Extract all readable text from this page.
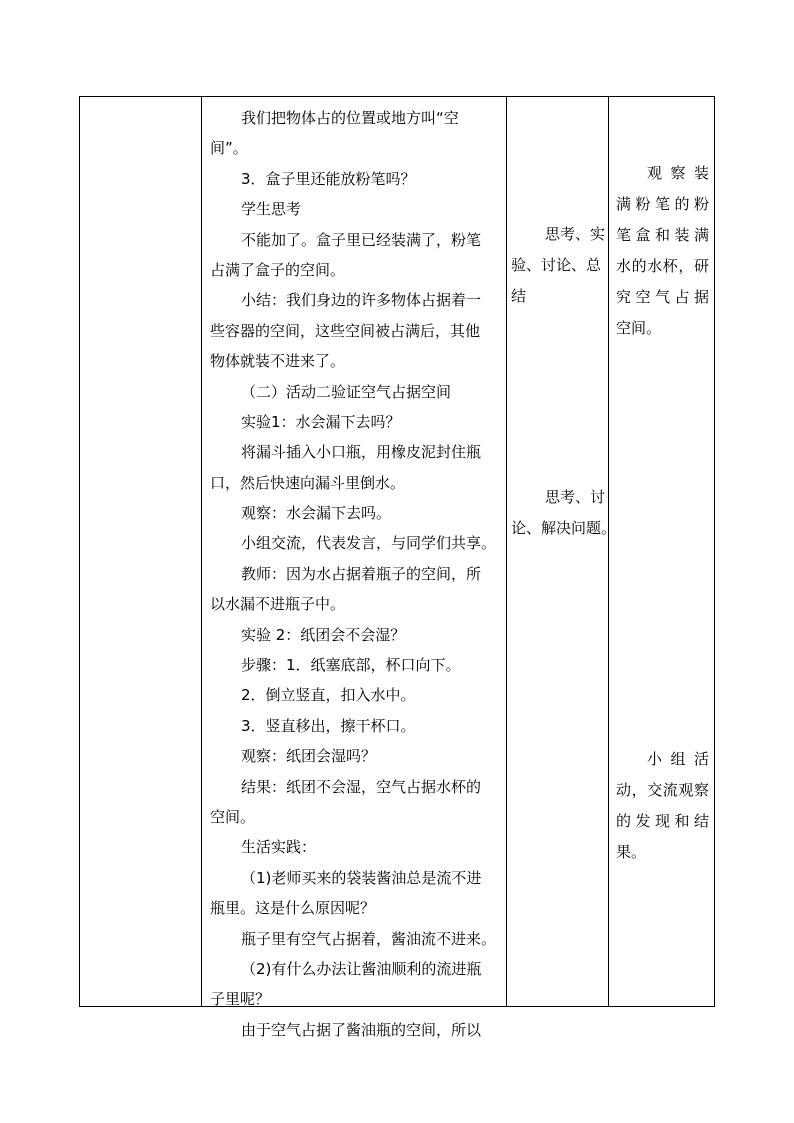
我们把物体占的位置或地方叫“空
间”。
3．盒子里还能放粉笔吗？
学生思考
不能加了。盒子里已经装满了，粉笔
占满了盒子的空间。
小结：我们身边的许多物体占据着一
些容器的空间，这些空间被占满后，其他
物体就装不进来了。
（二）活动二验证空气占据空间
实验1：水会漏下去吗？
将漏斗插入小口瓶，用橡皮泥封住瓶
口，然后快速向漏斗里倒水。
观察：水会漏下去吗。
小组交流，代表发言，与同学们共享。
教师：因为水占据着瓶子的空间，所
以水漏不进瓶子中。
实验 2：纸团会不会湿？
步骤：1．纸塞底部，杯口向下。
2．倒立竖直，扣入水中。
3．竖直移出，擦干杯口。
观察：纸团会湿吗？
结果：纸团不会湿，空气占据水杯的
空间。
生活实践：
（1)老师买来的袋装酱油总是流不进
瓶里。这是什么原因呢？
瓶子里有空气占据着，酱油流不进来。
（2)有什么办法让酱油顺利的流进瓶
子里呢？
由于空气占据了酱油瓶的空间，所以
思考、实
验、讨论、总
结
思考、讨
论、解决问题。
观察装
满粉笔的粉
笔盒和装满
水的水杯，研
究空气占据
空间。
小组活
动，交流观察
的发现和结
果。
